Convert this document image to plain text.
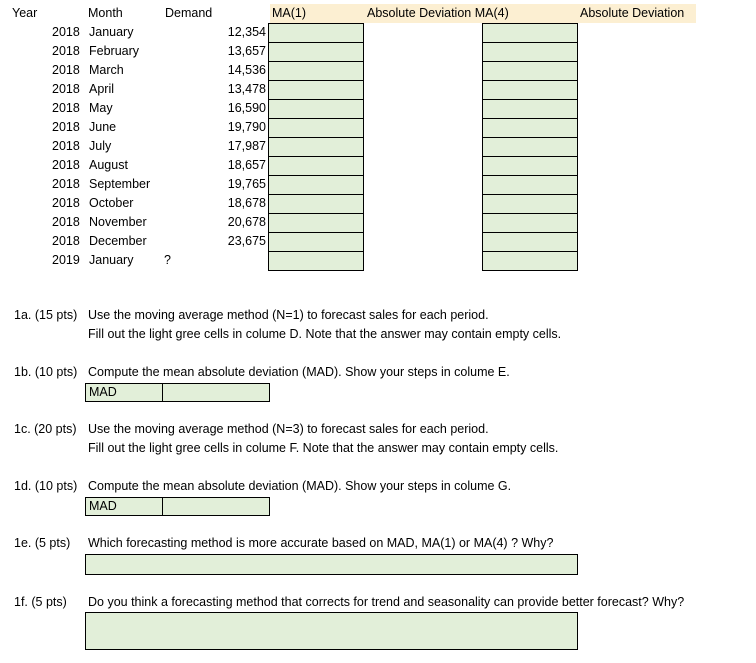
Year	Month	Demand	MA(1)	Absolute Deviation MA(4)	Absolute Deviation
2018 January	12,354
2018 February	13,657
2018 March	14,536
2018 April	13,478
2018 May	16,590
2018 June	19,790
2018 July	17,987
2018 August	18,657
2018 September	19,765
2018 October	18,678
2018 November	20,678
2018 December	23,675
2019 January ?
1a. (15 pts) Use the moving average method (N=1) to forecast sales for each period.
Fill out the light gree cells in colume D. Note that the answer may contain empty cells.
1b. (10 pts) Compute the mean absolute deviation (MAD). Show your steps in colume E.
MAD
1c. (20 pts) Use the moving average method (N=3) to forecast sales for each period.
Fill out the light gree cells in colume F. Note that the answer may contain empty cells.
1d. (10 pts) Compute the mean absolute deviation (MAD). Show your steps in colume G.
MAD
1e. (5 pts) Which forecasting method is more accurate based on MAD, MA(1) or MA(4) ? Why?
1f. (5 pts) Do you think a forecasting method that corrects for trend and seasonality can provide better forecast? Why?
